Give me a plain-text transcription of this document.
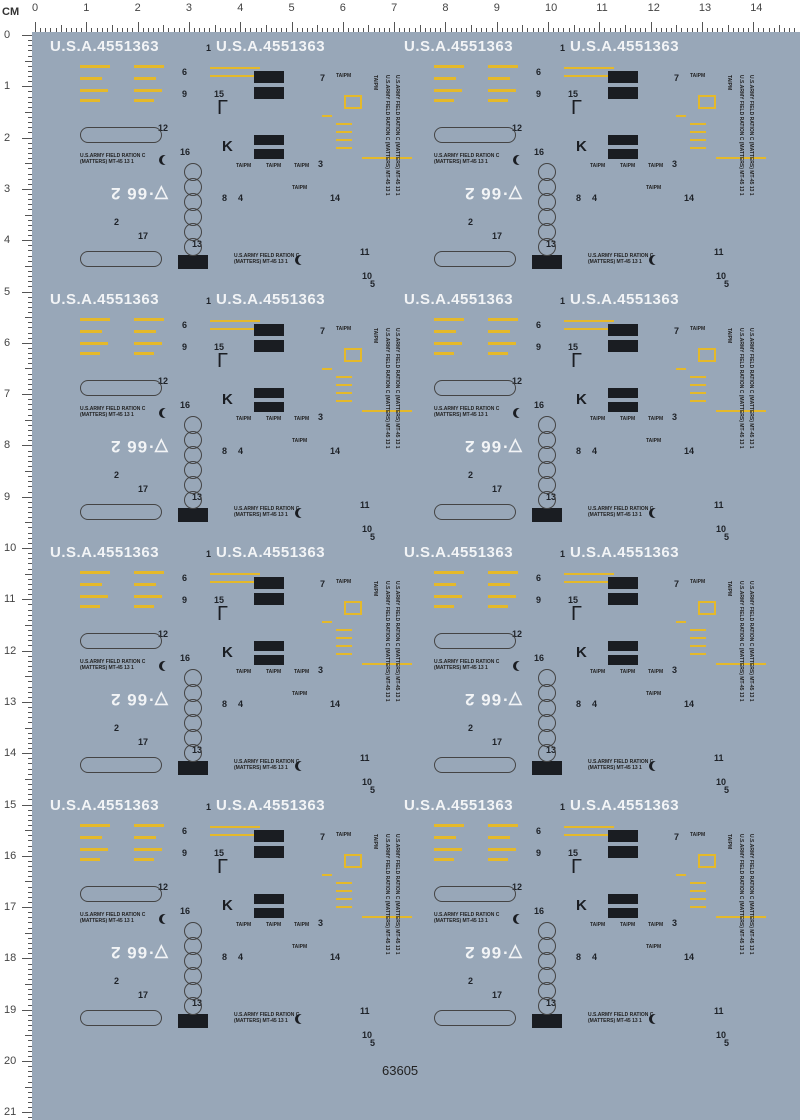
0	1	2	3	4	5	6	7	8	9	10	11	12	13	14
0
1
2
3
4
5
6
7
8
9
10
11
12
13
14
15
16
17
18
19
20
21
CM
U.S.A.4551363	U.S.A.4551363
1
2
3
4
5
6
7
8
9
10
11
12
13
14
15
16
17
K
Γ
▽·66 2
U.S.ARMY FIELD RATION C (MATTERS) MT-45 13 1
U.S.ARMY FIELD RATION C (MATTERS) MT-45 13 1
TAIPM	TAIPM	TAIPM
TAIPM
TAIPM	U.S.ARMY FIELD RATION C (MATTERS) MT-45 13 1 U.S.ARMY FIELD RATION C (MATTERS) MT-45 13 1
TAIPM
U.S.A.4551363	U.S.A.4551363
1
2
3
4
5
6
7
8
9
10
11
12
13
14
15
16
17
K
Γ
▽·66 2
U.S.ARMY FIELD RATION C (MATTERS) MT-45 13 1
U.S.ARMY FIELD RATION C (MATTERS) MT-45 13 1
TAIPM	TAIPM	TAIPM
TAIPM
TAIPM	U.S.ARMY FIELD RATION C (MATTERS) MT-45 13 1 U.S.ARMY FIELD RATION C (MATTERS) MT-45 13 1
TAIPM
U.S.A.4551363	U.S.A.4551363
1
2
3
4
5
6
7
8
9
10
11
12
13
14
15
16
17
K
Γ
▽·66 2
U.S.ARMY FIELD RATION C (MATTERS) MT-45 13 1
U.S.ARMY FIELD RATION C (MATTERS) MT-45 13 1
TAIPM	TAIPM	TAIPM
TAIPM
TAIPM	U.S.ARMY FIELD RATION C (MATTERS) MT-45 13 1 U.S.ARMY FIELD RATION C (MATTERS) MT-45 13 1
TAIPM
U.S.A.4551363	U.S.A.4551363
1
2
3
4
5
6
7
8
9
10
11
12
13
14
15
16
17
K
Γ
▽·66 2
U.S.ARMY FIELD RATION C (MATTERS) MT-45 13 1
U.S.ARMY FIELD RATION C (MATTERS) MT-45 13 1
TAIPM	TAIPM	TAIPM
TAIPM
TAIPM	U.S.ARMY FIELD RATION C (MATTERS) MT-45 13 1 U.S.ARMY FIELD RATION C (MATTERS) MT-45 13 1
TAIPM
U.S.A.4551363	U.S.A.4551363
1
2
3
4
5
6
7
8
9
10
11
12
13
14
15
16
17
K
Γ
▽·66 2
U.S.ARMY FIELD RATION C (MATTERS) MT-45 13 1
U.S.ARMY FIELD RATION C (MATTERS) MT-45 13 1
TAIPM	TAIPM	TAIPM
TAIPM
TAIPM	U.S.ARMY FIELD RATION C (MATTERS) MT-45 13 1 U.S.ARMY FIELD RATION C (MATTERS) MT-45 13 1
TAIPM
U.S.A.4551363	U.S.A.4551363
1
2
3
4
5
6
7
8
9
10
11
12
13
14
15
16
17
K
Γ
▽·66 2
U.S.ARMY FIELD RATION C (MATTERS) MT-45 13 1
U.S.ARMY FIELD RATION C (MATTERS) MT-45 13 1
TAIPM	TAIPM	TAIPM
TAIPM
TAIPM	U.S.ARMY FIELD RATION C (MATTERS) MT-45 13 1 U.S.ARMY FIELD RATION C (MATTERS) MT-45 13 1
TAIPM
U.S.A.4551363	U.S.A.4551363
1
2
3
4
5
6
7
8
9
10
11
12
13
14
15
16
17
K
Γ
▽·66 2
U.S.ARMY FIELD RATION C (MATTERS) MT-45 13 1
U.S.ARMY FIELD RATION C (MATTERS) MT-45 13 1
TAIPM	TAIPM	TAIPM
TAIPM
TAIPM	U.S.ARMY FIELD RATION C (MATTERS) MT-45 13 1 U.S.ARMY FIELD RATION C (MATTERS) MT-45 13 1
TAIPM
U.S.A.4551363	U.S.A.4551363
1
2
3
4
5
6
7
8
9
10
11
12
13
14
15
16
17
K
Γ
▽·66 2
U.S.ARMY FIELD RATION C (MATTERS) MT-45 13 1
U.S.ARMY FIELD RATION C (MATTERS) MT-45 13 1
TAIPM	TAIPM	TAIPM
TAIPM
TAIPM	U.S.ARMY FIELD RATION C (MATTERS) MT-45 13 1 U.S.ARMY FIELD RATION C (MATTERS) MT-45 13 1
TAIPM
63605
